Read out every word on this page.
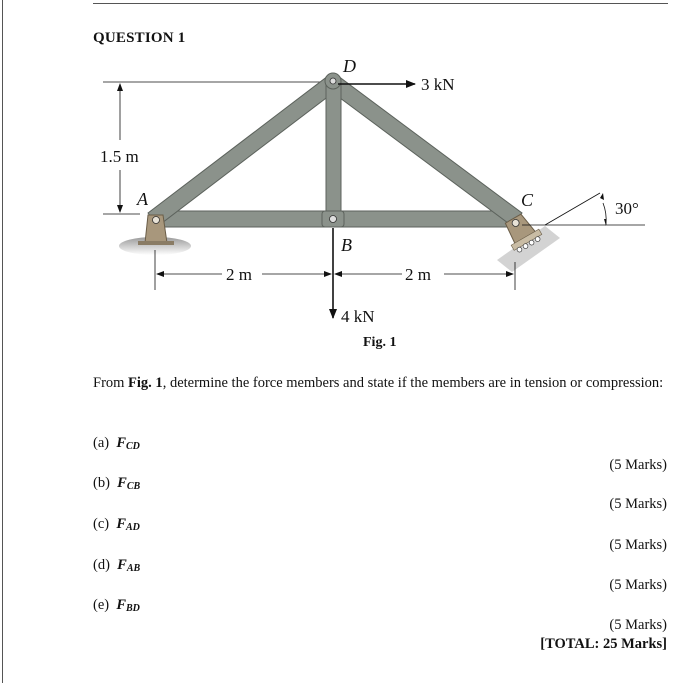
QUESTION 1
D
A
B
C
1.5 m
3 kN
4 kN
2 m	2 m
30°
Fig. 1
From Fig. 1, determine the force members and state if the members are in tension or compression:
(a) $F_{CD}$
(5 Marks)
(b) $F_{CB}$
(5 Marks)
(c) $F_{AD}$
(5 Marks)
(d) $F_{AB}$
(5 Marks)
(e) $F_{BD}$
(5 Marks)
[TOTAL: 25 Marks]
